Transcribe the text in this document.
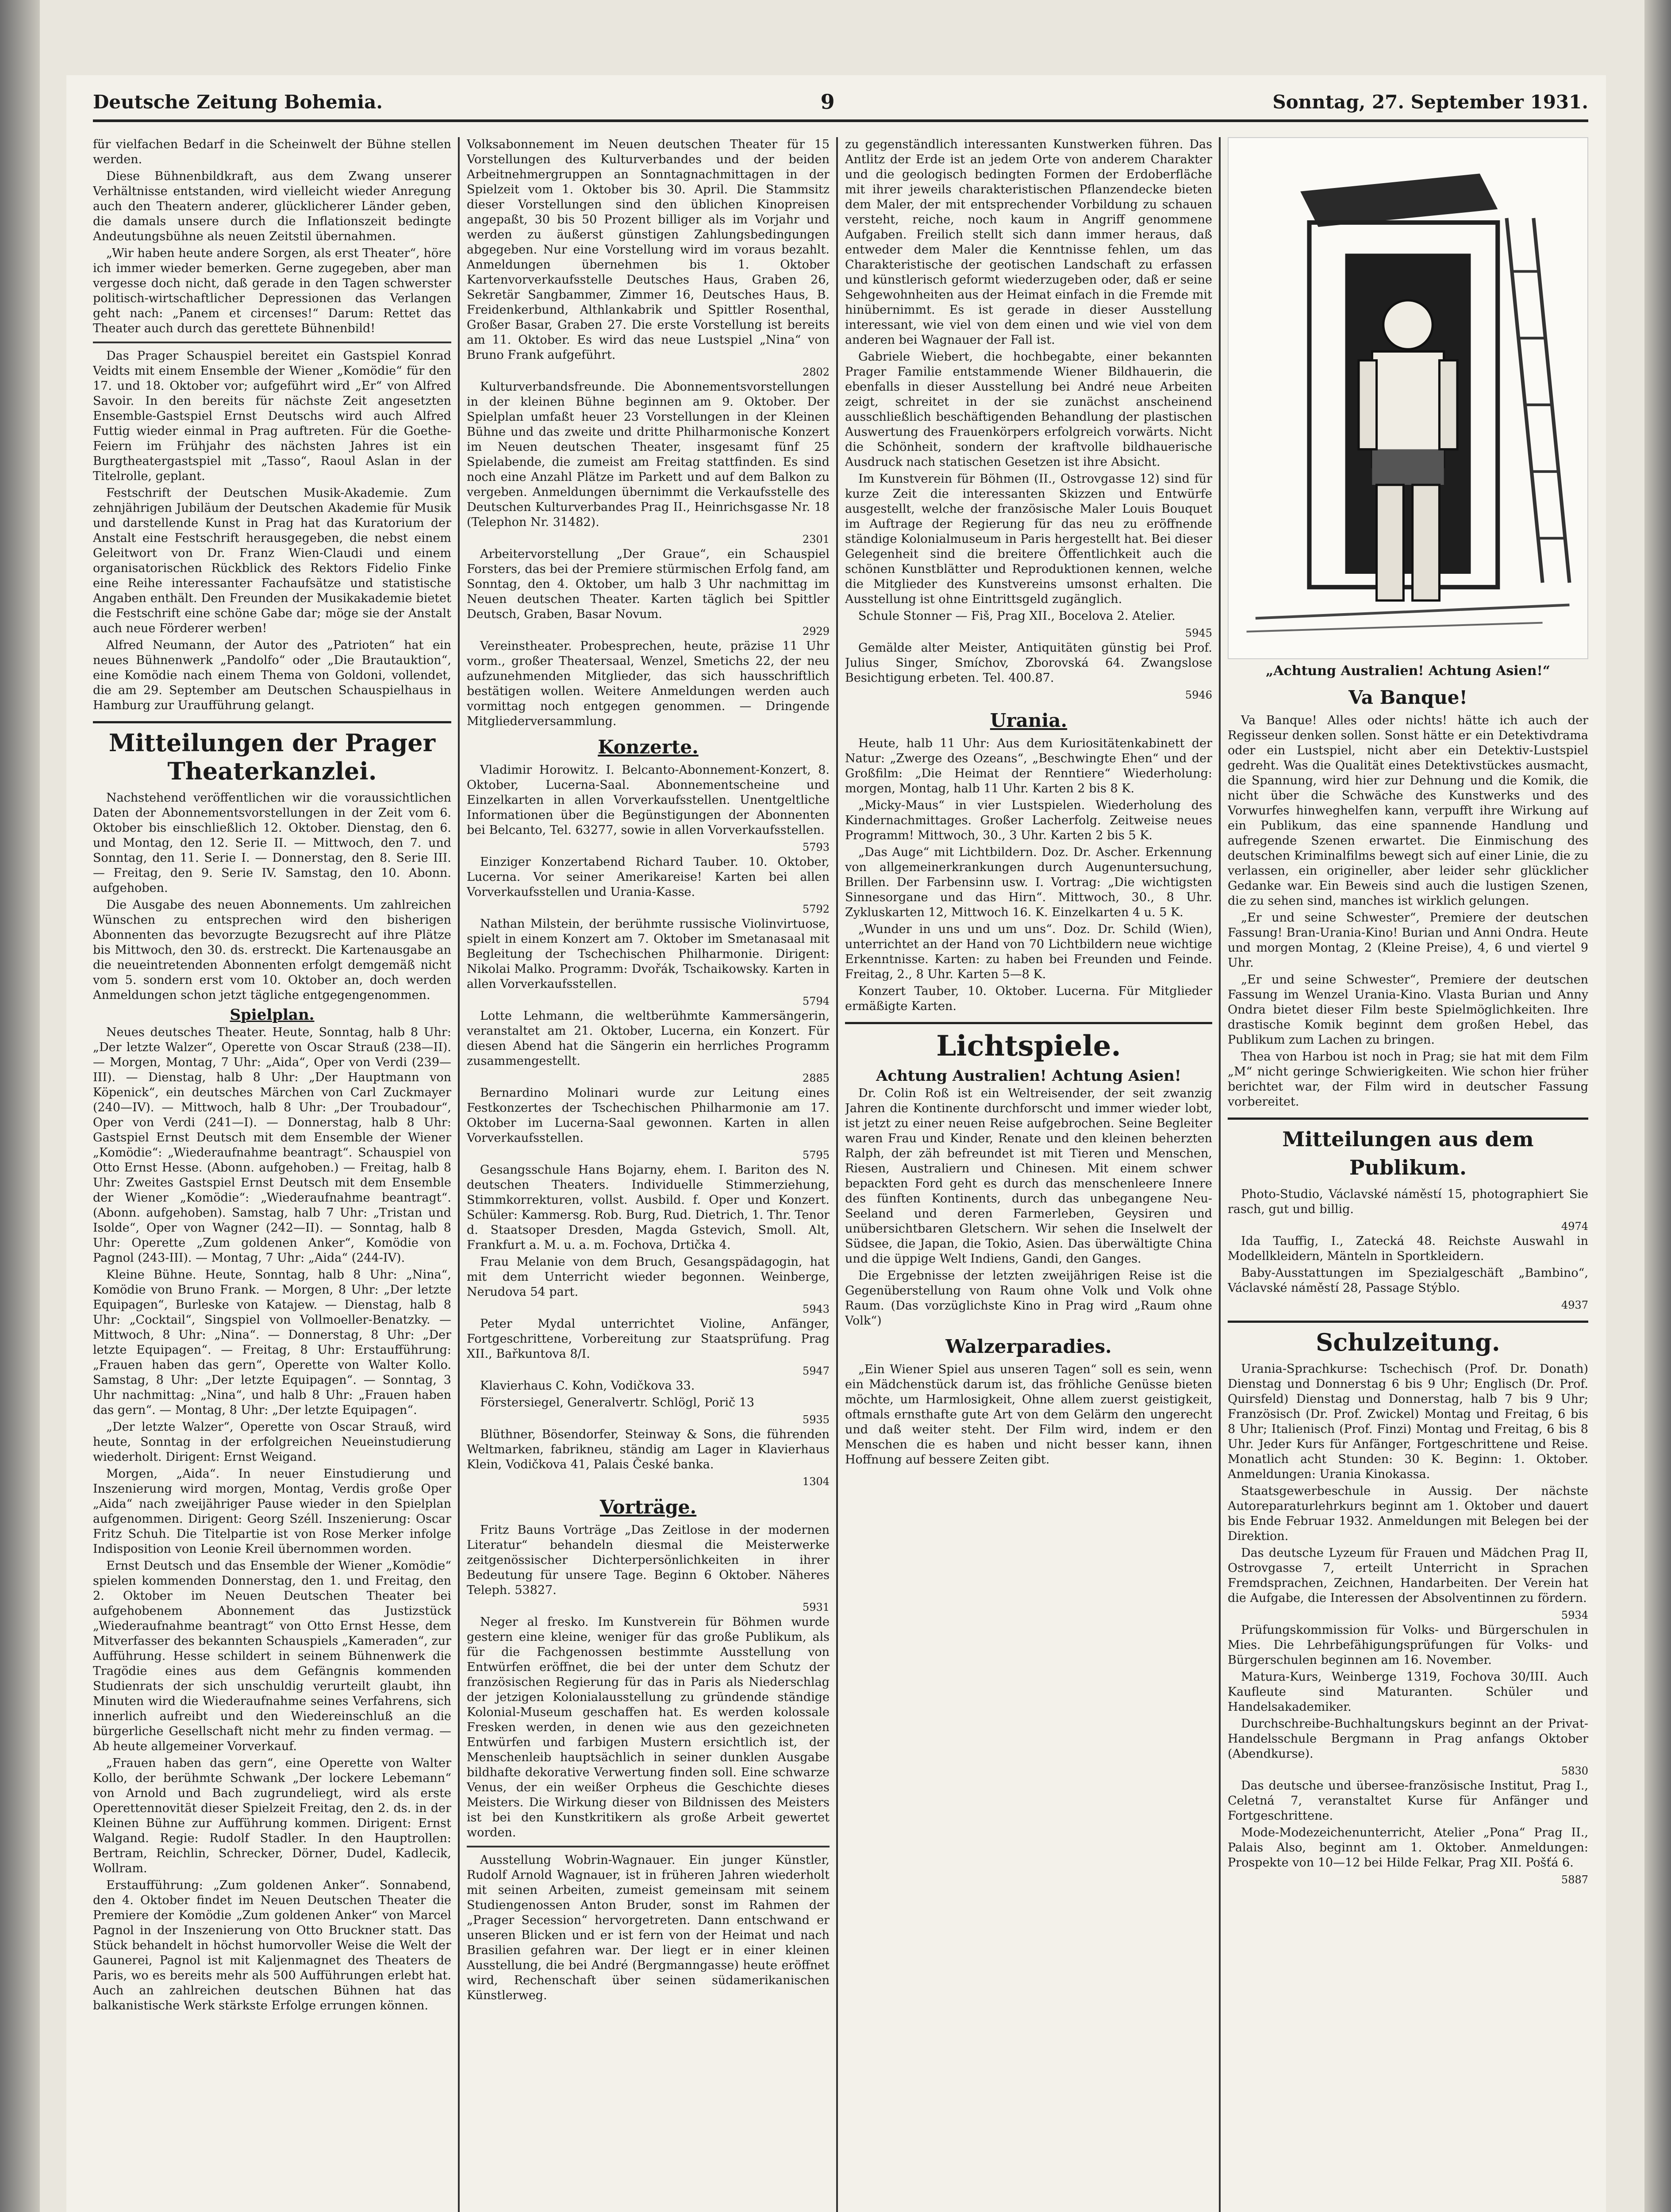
Deutsche Zeitung Bohemia.	9	Sonntag, 27. September 1931.

für vielfachen Bedarf in die Scheinwelt der Bühne stellen werden.

Diese Bühnenbildkraft, aus dem Zwang unserer Verhältnisse entstanden, wird vielleicht wieder Anregung auch den Theatern anderer, glücklicherer Länder geben, die damals unsere durch die Inflationszeit bedingte Andeutungsbühne als neuen Zeitstil übernahmen.

„Wir haben heute andere Sorgen, als erst Theater“, höre ich immer wieder bemerken. Gerne zugegeben, aber man vergesse doch nicht, daß gerade in den Tagen schwerster politisch-wirtschaftlicher Depressionen das Verlangen geht nach: „Panem et circenses!“ Darum: Rettet das Theater auch durch das gerettete Bühnenbild!

Das Prager Schauspiel bereitet ein Gastspiel Konrad Veidts mit einem Ensemble der Wiener „Komödie“ für den 17. und 18. Oktober vor; aufgeführt wird „Er“ von Alfred Savoir. In den bereits für nächste Zeit angesetzten Ensemble-Gastspiel Ernst Deutschs wird auch Alfred Futtig wieder einmal in Prag auftreten. Für die Goethe-Feiern im Frühjahr des nächsten Jahres ist ein Burgtheatergastspiel mit „Tasso“, Raoul Aslan in der Titelrolle, geplant.

Festschrift der Deutschen Musik-Akademie. Zum zehnjährigen Jubiläum der Deutschen Akademie für Musik und darstellende Kunst in Prag hat das Kuratorium der Anstalt eine Festschrift herausgegeben, die nebst einem Geleitwort von Dr. Franz Wien-Claudi und einem organisatorischen Rückblick des Rektors Fidelio Finke eine Reihe interessanter Fachaufsätze und statistische Angaben enthält. Den Freunden der Musikakademie bietet die Festschrift eine schöne Gabe dar; möge sie der Anstalt auch neue Förderer werben!

Alfred Neumann, der Autor des „Patrioten“ hat ein neues Bühnenwerk „Pandolfo“ oder „Die Brautauktion“, eine Komödie nach einem Thema von Goldoni, vollendet, die am 29. September am Deutschen Schauspielhaus in Hamburg zur Uraufführung gelangt.

Mitteilungen der Prager Theaterkanzlei.

Nachstehend veröffentlichen wir die voraussichtlichen Daten der Abonnementsvorstellungen in der Zeit vom 6. Oktober bis einschließlich 12. Oktober. Dienstag, den 6. und Montag, den 12. Serie II. — Mittwoch, den 7. und Sonntag, den 11. Serie I. — Donnerstag, den 8. Serie III. — Freitag, den 9. Serie IV. Samstag, den 10. Abonn. aufgehoben.

Die Ausgabe des neuen Abonnements. Um zahlreichen Wünschen zu entsprechen wird den bisherigen Abonnenten das bevorzugte Bezugsrecht auf ihre Plätze bis Mittwoch, den 30. ds. erstreckt. Die Kartenausgabe an die neueintretenden Abonnenten erfolgt demgemäß nicht vom 5. sondern erst vom 10. Oktober an, doch werden Anmeldungen schon jetzt tägliche entgegengenommen.

Spielplan.

Neues deutsches Theater. Heute, Sonntag, halb 8 Uhr: „Der letzte Walzer“, Operette von Oscar Strauß (238—II). — Morgen, Montag, 7 Uhr: „Aida“, Oper von Verdi (239—III). — Dienstag, halb 8 Uhr: „Der Hauptmann von Köpenick“, ein deutsches Märchen von Carl Zuckmayer (240—IV). — Mittwoch, halb 8 Uhr: „Der Troubadour“, Oper von Verdi (241—I). — Donnerstag, halb 8 Uhr: Gastspiel Ernst Deutsch mit dem Ensemble der Wiener „Komödie“: „Wiederaufnahme beantragt“. Schauspiel von Otto Ernst Hesse. (Abonn. aufgehoben.) — Freitag, halb 8 Uhr: Zweites Gastspiel Ernst Deutsch mit dem Ensemble der Wiener „Komödie“: „Wiederaufnahme beantragt“. (Abonn. aufgehoben). Samstag, halb 7 Uhr: „Tristan und Isolde“, Oper von Wagner (242—II). — Sonntag, halb 8 Uhr: Operette „Zum goldenen Anker“, Komödie von Pagnol (243-III). — Montag, 7 Uhr: „Aida“ (244-IV).

Kleine Bühne. Heute, Sonntag, halb 8 Uhr: „Nina“, Komödie von Bruno Frank. — Morgen, 8 Uhr: „Der letzte Equipagen“, Burleske von Katajew. — Dienstag, halb 8 Uhr: „Cocktail“, Singspiel von Vollmoeller-Benatzky. — Mittwoch, 8 Uhr: „Nina“. — Donnerstag, 8 Uhr: „Der letzte Equipagen“. — Freitag, 8 Uhr: Erstaufführung: „Frauen haben das gern“, Operette von Walter Kollo. Samstag, 8 Uhr: „Der letzte Equipagen“. — Sonntag, 3 Uhr nachmittag: „Nina“, und halb 8 Uhr: „Frauen haben das gern“. — Montag, 8 Uhr: „Der letzte Equipagen“.

„Der letzte Walzer“, Operette von Oscar Strauß, wird heute, Sonntag in der erfolgreichen Neueinstudierung wiederholt. Dirigent: Ernst Weigand.

Morgen, „Aida“. In neuer Einstudierung und Inszenierung wird morgen, Montag, Verdis große Oper „Aida“ nach zweijähriger Pause wieder in den Spielplan aufgenommen. Dirigent: Georg Széll. Inszenierung: Oscar Fritz Schuh. Die Titelpartie ist von Rose Merker infolge Indisposition von Leonie Kreil übernommen worden.

Ernst Deutsch und das Ensemble der Wiener „Komödie“ spielen kommenden Donnerstag, den 1. und Freitag, den 2. Oktober im Neuen Deutschen Theater bei aufgehobenem Abonnement das Justizstück „Wiederaufnahme beantragt“ von Otto Ernst Hesse, dem Mitverfasser des bekannten Schauspiels „Kameraden“, zur Aufführung. Hesse schildert in seinem Bühnenwerk die Tragödie eines aus dem Gefängnis kommenden Studienrats der sich unschuldig verurteilt glaubt, ihn Minuten wird die Wiederaufnahme seines Verfahrens, sich innerlich aufreibt und den Wiedereinschluß an die bürgerliche Gesellschaft nicht mehr zu finden vermag. — Ab heute allgemeiner Vorverkauf.

„Frauen haben das gern“, eine Operette von Walter Kollo, der berühmte Schwank „Der lockere Lebemann“ von Arnold und Bach zugrundeliegt, wird als erste Operettennovität dieser Spielzeit Freitag, den 2. ds. in der Kleinen Bühne zur Aufführung kommen. Dirigent: Ernst Walgand. Regie: Rudolf Stadler. In den Hauptrollen: Bertram, Reichlin, Schrecker, Dörner, Dudel, Kadlecik, Wollram.

Erstaufführung: „Zum goldenen Anker“. Sonnabend, den 4. Oktober findet im Neuen Deutschen Theater die Premiere der Komödie „Zum goldenen Anker“ von Marcel Pagnol in der Inszenierung von Otto Bruckner statt. Das Stück behandelt in höchst humorvoller Weise die Welt der Gaunerei, Pagnol ist mit Kaljenmagnet des Theaters de Paris, wo es bereits mehr als 500 Aufführungen erlebt hat. Auch an zahlreichen deutschen Bühnen hat das balkanistische Werk stärkste Erfolge errungen können.

Volksabonnement im Neuen deutschen Theater für 15 Vorstellungen des Kulturverbandes und der beiden Arbeitnehmergruppen an Sonntagnachmittagen in der Spielzeit vom 1. Oktober bis 30. April. Die Stammsitz dieser Vorstellungen sind den üblichen Kinopreisen angepaßt, 30 bis 50 Prozent billiger als im Vorjahr und werden zu äußerst günstigen Zahlungsbedingungen abgegeben. Nur eine Vorstellung wird im voraus bezahlt. Anmeldungen übernehmen bis 1. Oktober Kartenvorverkaufsstelle Deutsches Haus, Graben 26, Sekretär Sangbammer, Zimmer 16, Deutsches Haus, B. Freidenkerbund, Althlankabrik und Spittler Rosenthal, Großer Basar, Graben 27. Die erste Vorstellung ist bereits am 11. Oktober. Es wird das neue Lustspiel „Nina“ von Bruno Frank aufgeführt.

2802

Kulturverbandsfreunde. Die Abonnementsvorstellungen in der kleinen Bühne beginnen am 9. Oktober. Der Spielplan umfaßt heuer 23 Vorstellungen in der Kleinen Bühne und das zweite und dritte Philharmonische Konzert im Neuen deutschen Theater, insgesamt fünf 25 Spielabende, die zumeist am Freitag stattfinden. Es sind noch eine Anzahl Plätze im Parkett und auf dem Balkon zu vergeben. Anmeldungen übernimmt die Verkaufsstelle des Deutschen Kulturverbandes Prag II., Heinrichsgasse Nr. 18 (Telephon Nr. 31482).

2301

Arbeitervorstellung „Der Graue“, ein Schauspiel Forsters, das bei der Premiere stürmischen Erfolg fand, am Sonntag, den 4. Oktober, um halb 3 Uhr nachmittag im Neuen deutschen Theater. Karten täglich bei Spittler Deutsch, Graben, Basar Novum.

2929

Vereinstheater. Probesprechen, heute, präzise 11 Uhr vorm., großer Theatersaal, Wenzel, Smetichs 22, der neu aufzunehmenden Mitglieder, das sich hausschriftlich bestätigen wollen. Weitere Anmeldungen werden auch vormittag noch entgegen genommen. — Dringende Mitgliederversammlung.

Konzerte.

Vladimir Horowitz. I. Belcanto-Abonnement-Konzert, 8. Oktober, Lucerna-Saal. Abonnementscheine und Einzelkarten in allen Vorverkaufsstellen. Unentgeltliche Informationen über die Begünstigungen der Abonnenten bei Belcanto, Tel. 63277, sowie in allen Vorverkaufsstellen.

5793

Einziger Konzertabend Richard Tauber. 10. Oktober, Lucerna. Vor seiner Amerikareise! Karten bei allen Vorverkaufsstellen und Urania-Kasse.

5792

Nathan Milstein, der berühmte russische Violinvirtuose, spielt in einem Konzert am 7. Oktober im Smetanasaal mit Begleitung der Tschechischen Philharmonie. Dirigent: Nikolai Malko. Programm: Dvořák, Tschaikowsky. Karten in allen Vorverkaufsstellen.

5794

Lotte Lehmann, die weltberühmte Kammersängerin, veranstaltet am 21. Oktober, Lucerna, ein Konzert. Für diesen Abend hat die Sängerin ein herrliches Programm zusammengestellt.

2885

Bernardino Molinari wurde zur Leitung eines Festkonzertes der Tschechischen Philharmonie am 17. Oktober im Lucerna-Saal gewonnen. Karten in allen Vorverkaufsstellen.

5795

Gesangsschule Hans Bojarny, ehem. I. Bariton des N. deutschen Theaters. Individuelle Stimmerziehung, Stimmkorrekturen, vollst. Ausbild. f. Oper und Konzert. Schüler: Kammersg. Rob. Burg, Rud. Dietrich, 1. Thr. Tenor d. Staatsoper Dresden, Magda Gstevich, Smoll. Alt, Frankfurt a. M. u. a. m. Fochova, Drtička 4.

Frau Melanie von dem Bruch, Gesangspädagogin, hat mit dem Unterricht wieder begonnen. Weinberge, Nerudova 54 part.

5943

Peter Mydal unterrichtet Violine, Anfänger, Fortgeschrittene, Vorbereitung zur Staatsprüfung. Prag XII., Bařkuntova 8/I.

5947

Klavierhaus C. Kohn, Vodičkova 33.

Förstersiegel, Generalvertr. Schlögl, Porič 13

5935

Blüthner, Bösendorfer, Steinway & Sons, die führenden Weltmarken, fabrikneu, ständig am Lager in Klavierhaus Klein, Vodičkova 41, Palais České banka.

1304
Vorträge.

Fritz Bauns Vorträge „Das Zeitlose in der modernen Literatur“ behandeln diesmal die Meisterwerke zeitgenössischer Dichterpersönlichkeiten in ihrer Bedeutung für unsere Tage. Beginn 6 Oktober. Näheres Teleph. 53827.

5931

Neger al fresko. Im Kunstverein für Böhmen wurde gestern eine kleine, weniger für das große Publikum, als für die Fachgenossen bestimmte Ausstellung von Entwürfen eröffnet, die bei der unter dem Schutz der französischen Regierung für das in Paris als Niederschlag der jetzigen Kolonialausstellung zu gründende ständige Kolonial-Museum geschaffen hat. Es werden kolossale Fresken werden, in denen wie aus den gezeichneten Entwürfen und farbigen Mustern ersichtlich ist, der Menschenleib hauptsächlich in seiner dunklen Ausgabe bildhafte dekorative Verwertung finden soll. Eine schwarze Venus, der ein weißer Orpheus die Geschichte dieses Meisters. Die Wirkung dieser von Bildnissen des Meisters ist bei den Kunstkritikern als große Arbeit gewertet worden.

Ausstellung Wobrin-Wagnauer. Ein junger Künstler, Rudolf Arnold Wagnauer, ist in früheren Jahren wiederholt mit seinen Arbeiten, zumeist gemeinsam mit seinem Studiengenossen Anton Bruder, sonst im Rahmen der „Prager Secession“ hervorgetreten. Dann entschwand er unseren Blicken und er ist fern von der Heimat und nach Brasilien gefahren war. Der liegt er in einer kleinen Ausstellung, die bei André (Bergmanngasse) heute eröffnet wird, Rechenschaft über seinen südamerikanischen Künstlerweg.

zu gegenständlich interessanten Kunstwerken führen. Das Antlitz der Erde ist an jedem Orte von anderem Charakter und die geologisch bedingten Formen der Erdoberfläche mit ihrer jeweils charakteristischen Pflanzendecke bieten dem Maler, der mit entsprechender Vorbildung zu schauen versteht, reiche, noch kaum in Angriff genommene Aufgaben. Freilich stellt sich dann immer heraus, daß entweder dem Maler die Kenntnisse fehlen, um das Charakteristische der geotischen Landschaft zu erfassen und künstlerisch geformt wiederzugeben oder, daß er seine Sehgewohnheiten aus der Heimat einfach in die Fremde mit hinübernimmt. Es ist gerade in dieser Ausstellung interessant, wie viel von dem einen und wie viel von dem anderen bei Wagnauer der Fall ist.

Gabriele Wiebert, die hochbegabte, einer bekannten Prager Familie entstammende Wiener Bildhauerin, die ebenfalls in dieser Ausstellung bei André neue Arbeiten zeigt, schreitet in der sie zunächst anscheinend ausschließlich beschäftigenden Behandlung der plastischen Auswertung des Frauenkörpers erfolgreich vorwärts. Nicht die Schönheit, sondern der kraftvolle bildhauerische Ausdruck nach statischen Gesetzen ist ihre Absicht.

Im Kunstverein für Böhmen (II., Ostrovgasse 12) sind für kurze Zeit die interessanten Skizzen und Entwürfe ausgestellt, welche der französische Maler Louis Bouquet im Auftrage der Regierung für das neu zu eröffnende ständige Kolonialmuseum in Paris hergestellt hat. Bei dieser Gelegenheit sind die breitere Öffentlichkeit auch die schönen Kunstblätter und Reproduktionen kennen, welche die Mitglieder des Kunstvereins umsonst erhalten. Die Ausstellung ist ohne Eintrittsgeld zugänglich.

Schule Stonner — Fiš, Prag XII., Bocelova 2. Atelier.

5945

Gemälde alter Meister, Antiquitäten günstig bei Prof. Julius Singer, Smíchov, Zborovská 64. Zwangslose Besichtigung erbeten. Tel. 400.87.

5946
Urania.

Heute, halb 11 Uhr: Aus dem Kuriositätenkabinett der Natur: „Zwerge des Ozeans“, „Beschwingte Ehen“ und der Großfilm: „Die Heimat der Renntiere“ Wiederholung: morgen, Montag, halb 11 Uhr. Karten 2 bis 8 K.

„Micky-Maus“ in vier Lustspielen. Wiederholung des Kindernachmittages. Großer Lacherfolg. Zeitweise neues Programm! Mittwoch, 30., 3 Uhr. Karten 2 bis 5 K.

„Das Auge“ mit Lichtbildern. Doz. Dr. Ascher. Erkennung von allgemeinerkrankungen durch Augenuntersuchung, Brillen. Der Farbensinn usw. I. Vortrag: „Die wichtigsten Sinnesorgane und das Hirn“. Mittwoch, 30., 8 Uhr. Zykluskarten 12, Mittwoch 16. K. Einzelkarten 4 u. 5 K.

„Wunder in uns und um uns“. Doz. Dr. Schild (Wien), unterrichtet an der Hand von 70 Lichtbildern neue wichtige Erkenntnisse. Karten: zu haben bei Freunden und Feinde. Freitag, 2., 8 Uhr. Karten 5—8 K.

Konzert Tauber, 10. Oktober. Lucerna. Für Mitglieder ermäßigte Karten.

Lichtspiele.
Achtung Australien! Achtung Asien!

Dr. Colin Roß ist ein Weltreisender, der seit zwanzig Jahren die Kontinente durchforscht und immer wieder lobt, ist jetzt zu einer neuen Reise aufgebrochen. Seine Begleiter waren Frau und Kinder, Renate und den kleinen beherzten Ralph, der zäh befreundet ist mit Tieren und Menschen, Riesen, Australiern und Chinesen. Mit einem schwer bepackten Ford geht es durch das menschenleere Innere des fünften Kontinents, durch das unbegangene Neu-Seeland und deren Farmerleben, Geysiren und unübersichtbaren Gletschern. Wir sehen die Inselwelt der Südsee, die Japan, die Tokio, Asien. Das überwältigte China und die üppige Welt Indiens, Gandi, den Ganges.

Die Ergebnisse der letzten zweijährigen Reise ist die Gegenüberstellung von Raum ohne Volk und Volk ohne Raum. (Das vorzüglichste Kino in Prag wird „Raum ohne Volk“)

Walzerparadies.

„Ein Wiener Spiel aus unseren Tagen“ soll es sein, wenn ein Mädchenstück darum ist, das fröhliche Genüsse bieten möchte, um Harmlosigkeit, Ohne allem zuerst geistigkeit, oftmals ernsthafte gute Art von dem Gelärm den ungerecht und daß weiter steht. Der Film wird, indem er den Menschen die es haben und nicht besser kann, ihnen Hoffnung auf bessere Zeiten gibt.

„Achtung Australien! Achtung Asien!“
Va Banque!

Va Banque! Alles oder nichts! hätte ich auch der Regisseur denken sollen. Sonst hätte er ein Detektivdrama oder ein Lustspiel, nicht aber ein Detektiv-Lustspiel gedreht. Was die Qualität eines Detektivstückes ausmacht, die Spannung, wird hier zur Dehnung und die Komik, die nicht über die Schwäche des Kunstwerks und des Vorwurfes hinweghelfen kann, verpufft ihre Wirkung auf ein Publikum, das eine spannende Handlung und aufregende Szenen erwartet. Die Einmischung des deutschen Kriminalfilms bewegt sich auf einer Linie, die zu verlassen, ein origineller, aber leider sehr glücklicher Gedanke war. Ein Beweis sind auch die lustigen Szenen, die zu sehen sind, manches ist wirklich gelungen.

„Er und seine Schwester“, Premiere der deutschen Fassung! Bran-Urania-Kino! Burian und Anni Ondra. Heute und morgen Montag, 2 (Kleine Preise), 4, 6 und viertel 9 Uhr.

„Er und seine Schwester“, Premiere der deutschen Fassung im Wenzel Urania-Kino. Vlasta Burian und Anny Ondra bietet dieser Film beste Spielmöglichkeiten. Ihre drastische Komik beginnt dem großen Hebel, das Publikum zum Lachen zu bringen.

Thea von Harbou ist noch in Prag; sie hat mit dem Film „M“ nicht geringe Schwierigkeiten. Wie schon hier früher berichtet war, der Film wird in deutscher Fassung vorbereitet.

Mitteilungen aus dem Publikum.

Photo-Studio, Václavské náměstí 15, photographiert Sie rasch, gut und billig.

4974

Ida Tauffig, I., Zatecká 48. Reichste Auswahl in Modellkleidern, Mänteln in Sportkleidern.

Baby-Ausstattungen im Spezialgeschäft „Bambino“, Václavské náměstí 28, Passage Stýblo.

4937
Schulzeitung.

Urania-Sprachkurse: Tschechisch (Prof. Dr. Donath) Dienstag und Donnerstag 6 bis 9 Uhr; Englisch (Dr. Prof. Quirsfeld) Dienstag und Donnerstag, halb 7 bis 9 Uhr; Französisch (Dr. Prof. Zwickel) Montag und Freitag, 6 bis 8 Uhr; Italienisch (Prof. Finzi) Montag und Freitag, 6 bis 8 Uhr. Jeder Kurs für Anfänger, Fortgeschrittene und Reise. Monatlich acht Stunden: 30 K. Beginn: 1. Oktober. Anmeldungen: Urania Kinokassa.

Staatsgewerbeschule in Aussig. Der nächste Autoreparaturlehrkurs beginnt am 1. Oktober und dauert bis Ende Februar 1932. Anmeldungen mit Belegen bei der Direktion.

Das deutsche Lyzeum für Frauen und Mädchen Prag II, Ostrovgasse 7, erteilt Unterricht in Sprachen Fremdsprachen, Zeichnen, Handarbeiten. Der Verein hat die Aufgabe, die Interessen der Absolventinnen zu fördern.

5934

Prüfungskommission für Volks- und Bürgerschulen in Mies. Die Lehrbefähigungsprüfungen für Volks- und Bürgerschulen beginnen am 16. November.

Matura-Kurs, Weinberge 1319, Fochova 30/III. Auch Kaufleute sind Maturanten. Schüler und Handelsakademiker.

Durchschreibe-Buchhaltungskurs beginnt an der Privat-Handelsschule Bergmann in Prag anfangs Oktober (Abendkurse).

5830

Das deutsche und übersee-französische Institut, Prag I., Celetná 7, veranstaltet Kurse für Anfänger und Fortgeschrittene.

Mode-Modezeichenunterricht, Atelier „Pona“ Prag II., Palais Also, beginnt am 1. Oktober. Anmeldungen: Prospekte von 10—12 bei Hilde Felkar, Prag XII. Pošťá 6.

5887
